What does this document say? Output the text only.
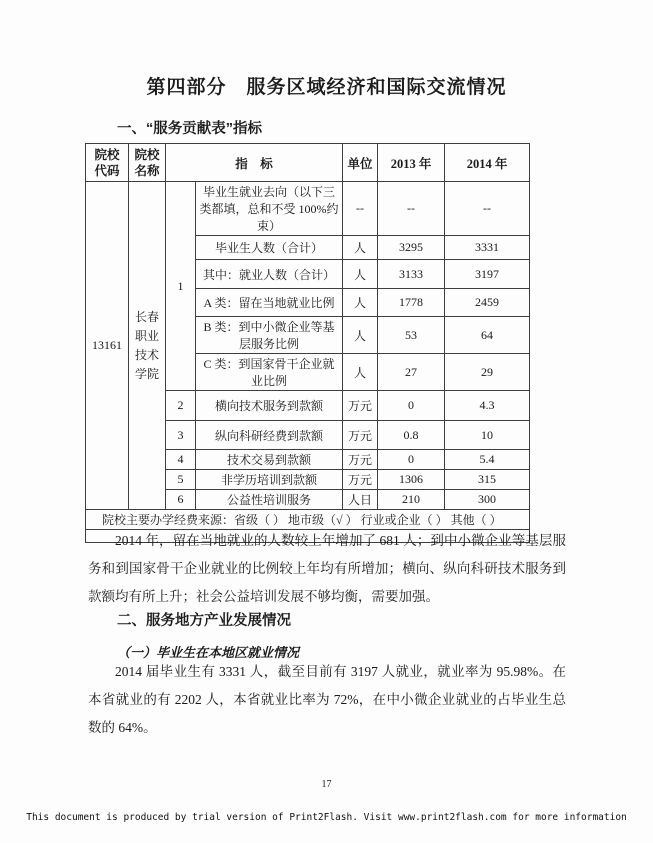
第四部分　服务区域经济和国际交流情况
一、“服务贡献表”指标
院校代码	院校名称	指　标		单位	2013 年	2014 年
13161	长春职业技术学院	1	毕业生就业去向（以下三类都填，总和不受 100%约束）	--	--	--
			毕业生人数（合计）	人	3295	3331
			其中：就业人数（合计）	人	3133	3197
			A 类：留在当地就业比例	人	1778	2459
			B 类：到中小微企业等基层服务比例	人	53	64
			C 类：到国家骨干企业就业比例	人	27	29
		2	横向技术服务到款额	万元	0	4.3
		3	纵向科研经费到款额	万元	0.8	10
		4	技术交易到款额	万元	0	5.4
		5	非学历培训到款额	万元	1306	315
		6	公益性培训服务	人日	210	300
院校主要办学经费来源：省级（ ） 地市级（√ ） 行业或企业（ ） 其他（ ）						

2014 年，留在当地就业的人数较上年增加了 681 人；到中小微企业等基层服务和到国家骨干企业就业的比例较上年均有所增加；横向、纵向科研技术服务到款额均有所上升；社会公益培训发展不够均衡，需要加强。
二、服务地方产业发展情况
（一）毕业生在本地区就业情况
2014 届毕业生有 3331 人，截至目前有 3197 人就业，就业率为 95.98%。在本省就业的有 2202 人，本省就业比率为 72%，在中小微企业就业的占毕业生总数的 64%。
17
This document is produced by trial version of Print2Flash. Visit www.print2flash.com for more information
